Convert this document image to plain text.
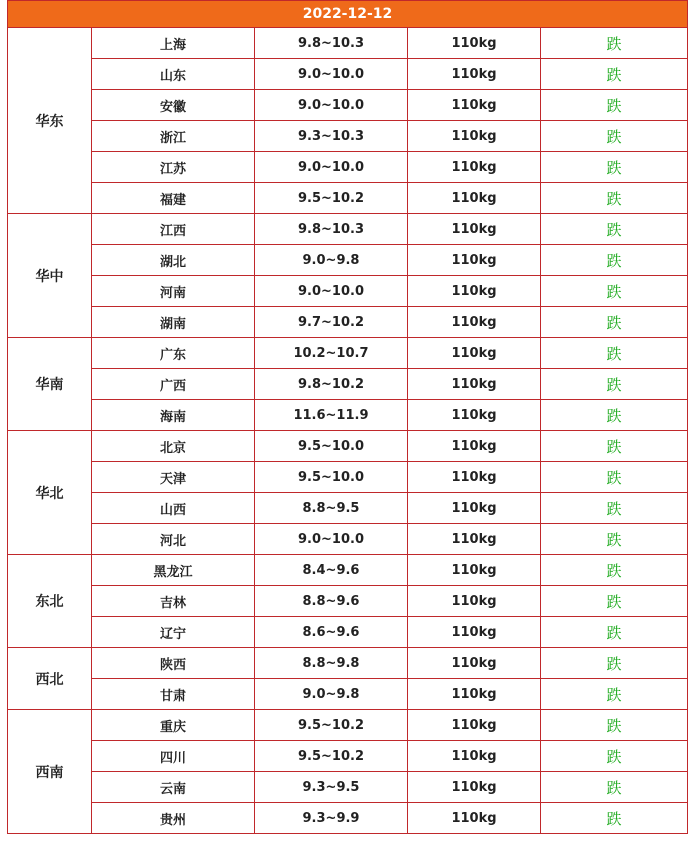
2022-12-12				
华东	上海	9.8~10.3	110kg	跌
	山东	9.0~10.0	110kg	跌
	安徽	9.0~10.0	110kg	跌
	浙江	9.3~10.3	110kg	跌
	江苏	9.0~10.0	110kg	跌
	福建	9.5~10.2	110kg	跌
华中	江西	9.8~10.3	110kg	跌
	湖北	9.0~9.8	110kg	跌
	河南	9.0~10.0	110kg	跌
	湖南	9.7~10.2	110kg	跌
华南	广东	10.2~10.7	110kg	跌
	广西	9.8~10.2	110kg	跌
	海南	11.6~11.9	110kg	跌
华北	北京	9.5~10.0	110kg	跌
	天津	9.5~10.0	110kg	跌
	山西	8.8~9.5	110kg	跌
	河北	9.0~10.0	110kg	跌
东北	黑龙江	8.4~9.6	110kg	跌
	吉林	8.8~9.6	110kg	跌
	辽宁	8.6~9.6	110kg	跌
西北	陕西	8.8~9.8	110kg	跌
	甘肃	9.0~9.8	110kg	跌
西南	重庆	9.5~10.2	110kg	跌
	四川	9.5~10.2	110kg	跌
	云南	9.3~9.5	110kg	跌
	贵州	9.3~9.9	110kg	跌
